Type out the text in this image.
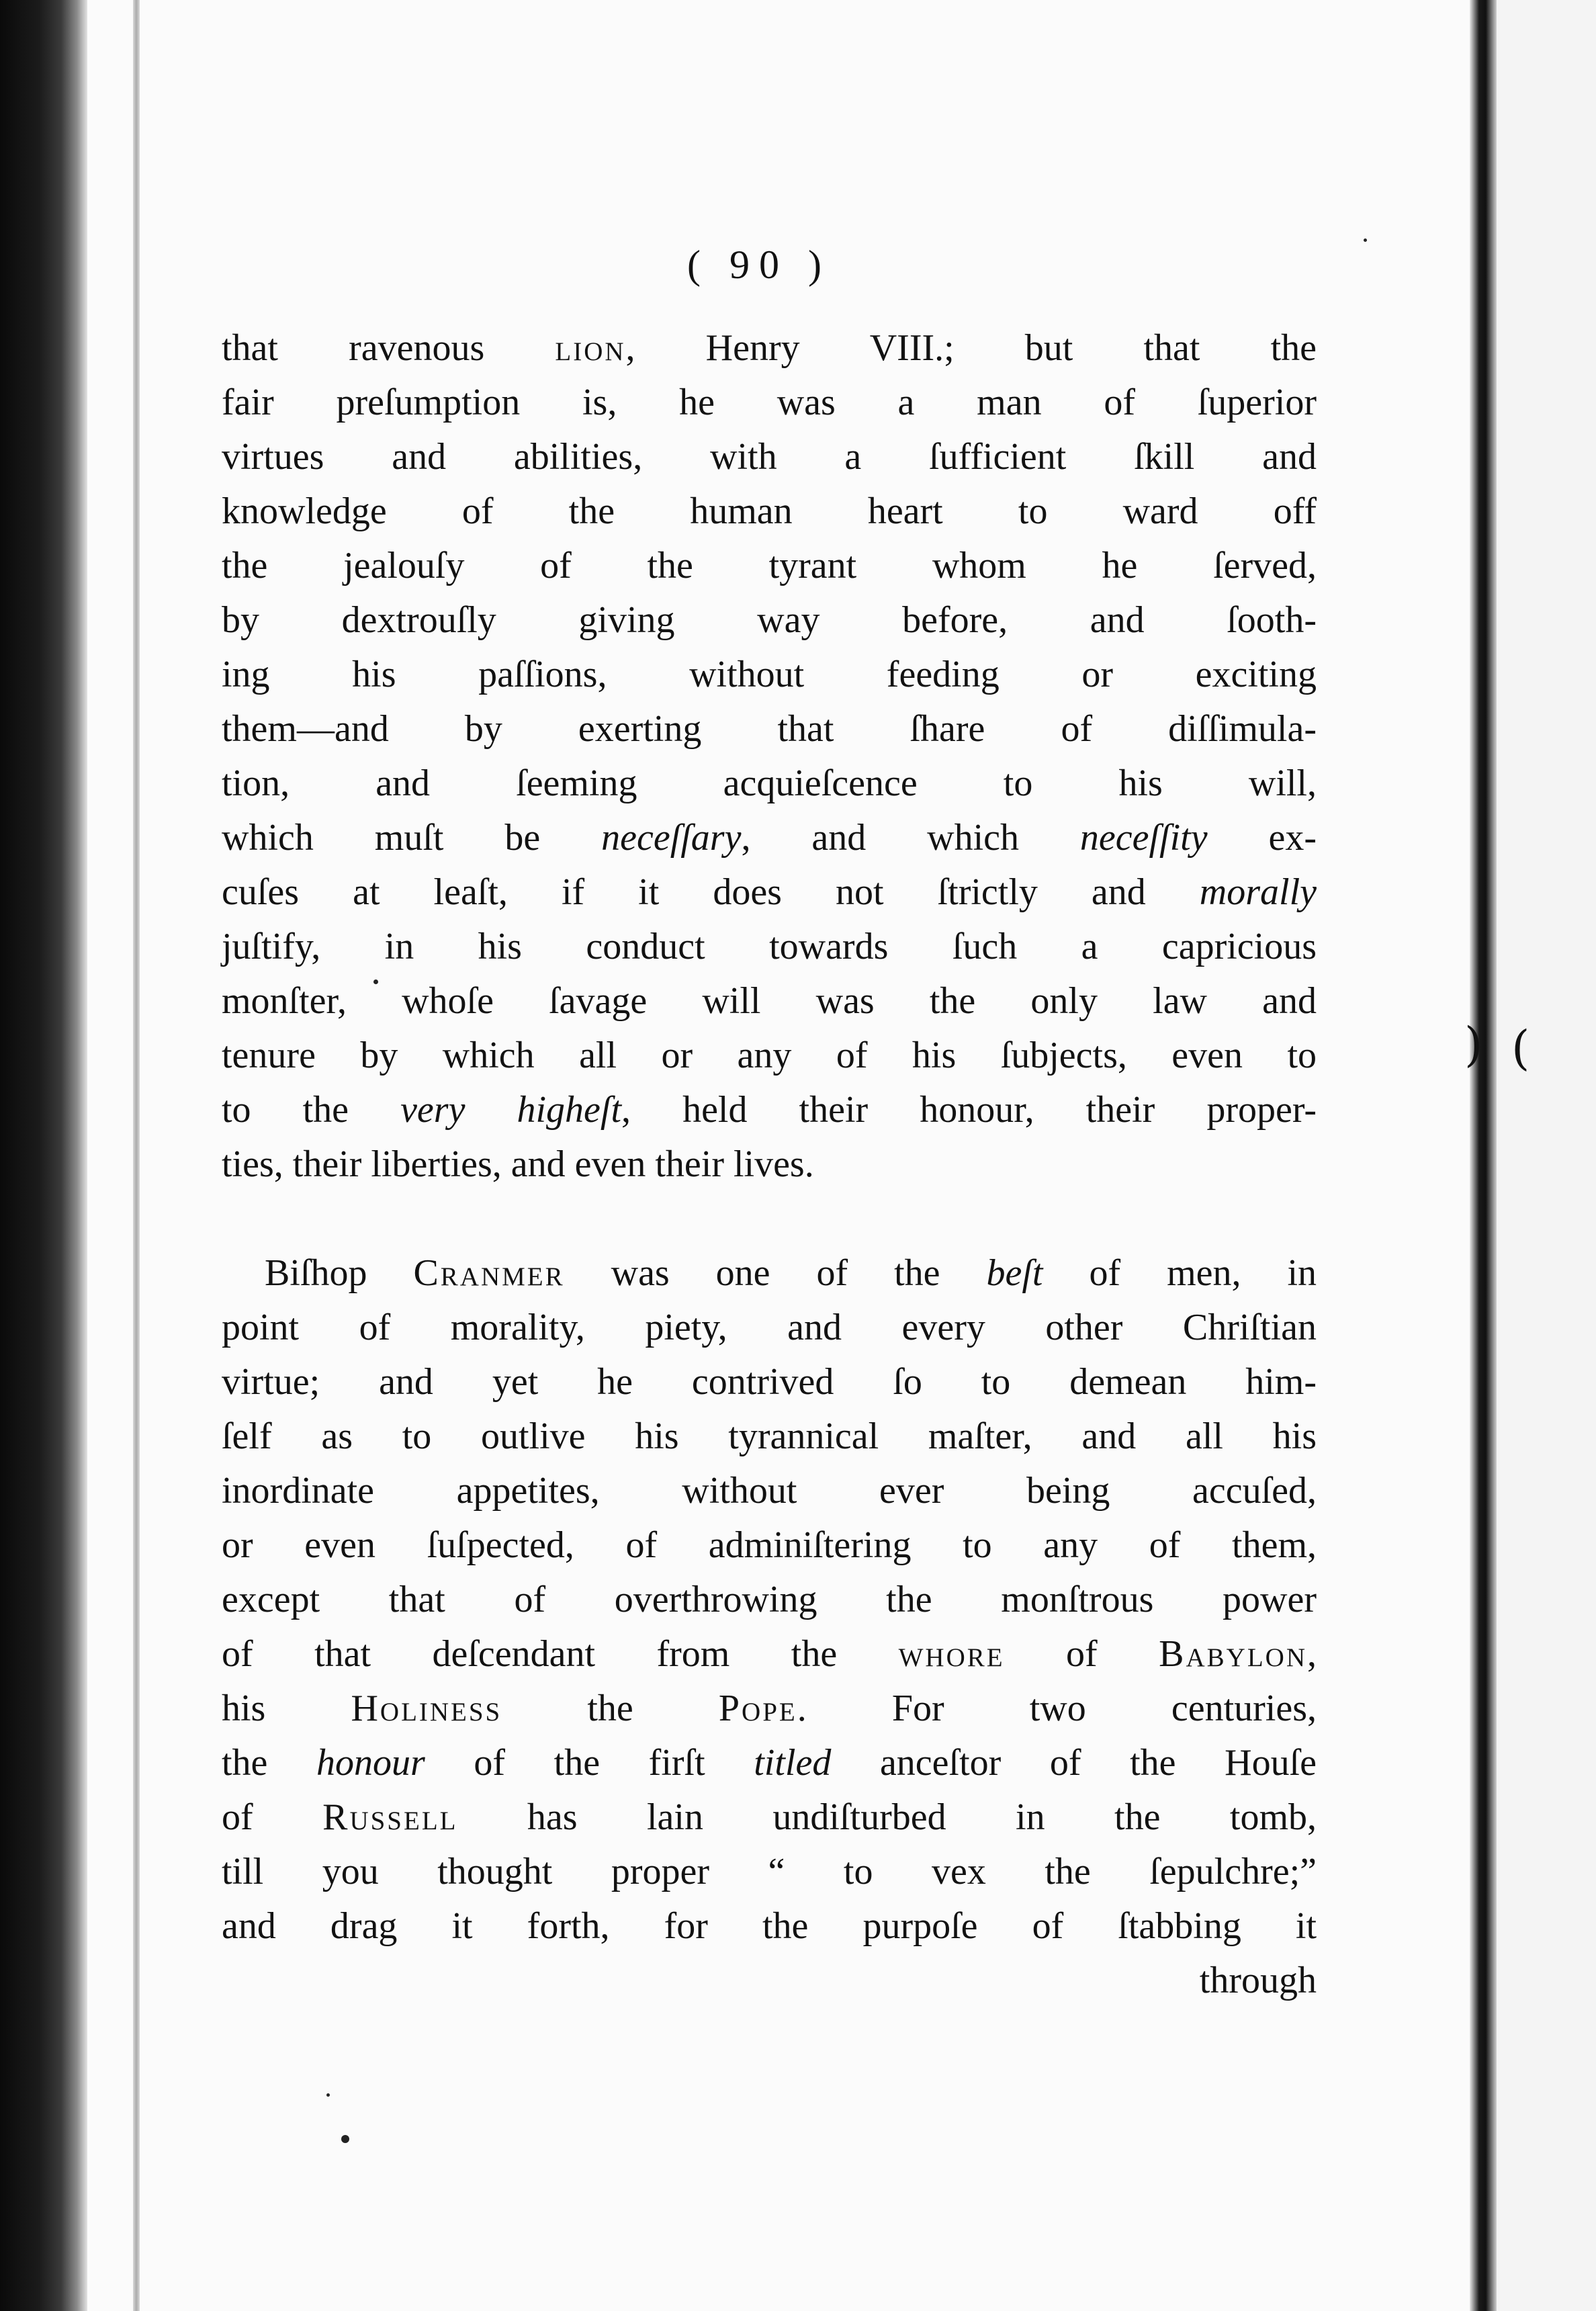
) (
( 90 )
that ravenous lion, Henry VIII.; but that the
fair preſumption is, he was a man of ſuperior
virtues and abilities, with a ſufficient ſkill and
knowledge of the human heart to ward off
the jealouſy of the tyrant whom he ſerved,
by dextrouſly giving way before, and ſooth-
ing his paſſions, without feeding or exciting
them—and by exerting that ſhare of diſſimula-
tion, and ſeeming acquieſcence to his will,
which muſt be neceſſary, and which neceſſity ex-
cuſes at leaſt, if it does not ſtrictly and morally
juſtify, in his conduct towards ſuch a capricious
monſter, whoſe ſavage will was the only law and
tenure by which all or any of his ſubjects, even to
to the very higheſt, held their honour, their proper-
ties, their liberties, and even their lives.
Biſhop Cranmer was one of the beſt of men, in
point of morality, piety, and every other Chriſtian
virtue; and yet he contrived ſo to demean him-
ſelf as to outlive his tyrannical maſter, and all his
inordinate appetites, without ever being accuſed,
or even ſuſpected, of adminiſtering to any of them,
except that of overthrowing the monſtrous power
of that deſcendant from the whore of Babylon,
his Holiness the Pope. For two centuries,
the honour of the firſt titled anceſtor of the Houſe
of Russell has lain undiſturbed in the tomb,
till you thought proper “ to vex the ſepulchre;”
and drag it forth, for the purpoſe of ſtabbing it
through
